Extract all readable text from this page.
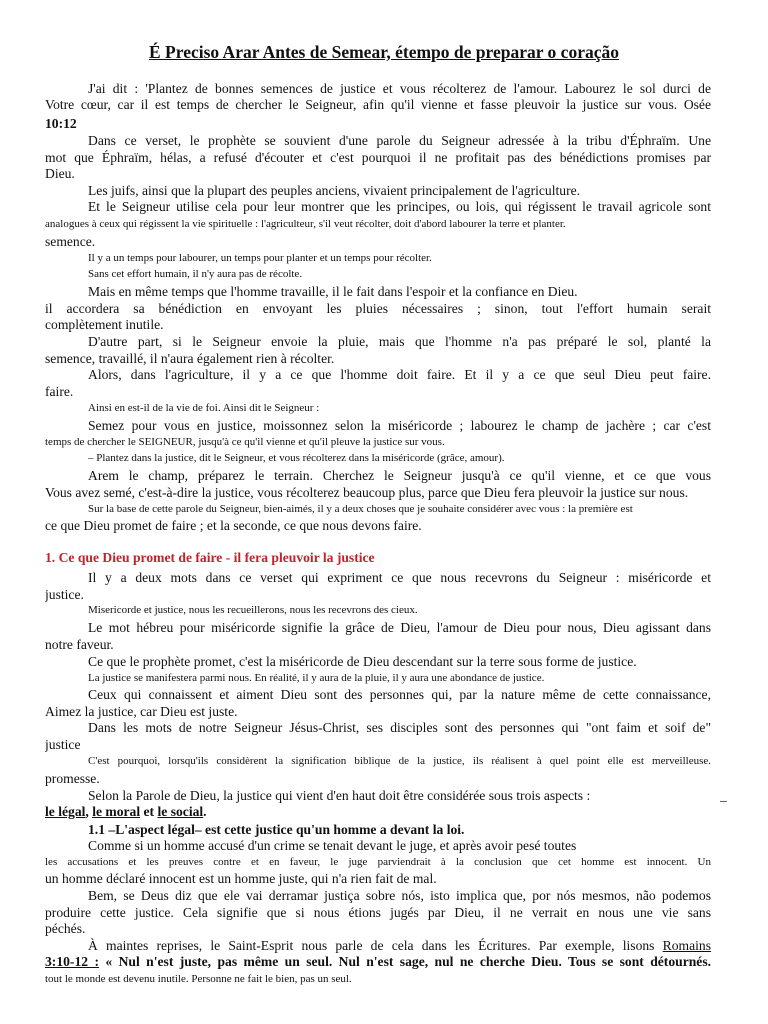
É Preciso Arar Antes de Semear, étempo de preparar o coração
J'ai dit : 'Plantez de bonnes semences de justice et vous récolterez de l'amour. Labourez le sol durci de
Votre cœur, car il est temps de chercher le Seigneur, afin qu'il vienne et fasse pleuvoir la justice sur vous. Osée
10:12
Dans ce verset, le prophète se souvient d'une parole du Seigneur adressée à la tribu d'Éphraïm. Une
mot que Éphraïm, hélas, a refusé d'écouter et c'est pourquoi il ne profitait pas des bénédictions promises par
Dieu.
Les juifs, ainsi que la plupart des peuples anciens, vivaient principalement de l'agriculture.
Et le Seigneur utilise cela pour leur montrer que les principes, ou lois, qui régissent le travail agricole sont
analogues à ceux qui régissent la vie spirituelle : l'agriculteur, s'il veut récolter, doit d'abord labourer la terre et planter.
semence.
Il y a un temps pour labourer, un temps pour planter et un temps pour récolter.
Sans cet effort humain, il n'y aura pas de récolte.
Mais en même temps que l'homme travaille, il le fait dans l'espoir et la confiance en Dieu.
il accordera sa bénédiction en envoyant les pluies nécessaires ; sinon, tout l'effort humain serait
complètement inutile.
D'autre part, si le Seigneur envoie la pluie, mais que l'homme n'a pas préparé le sol, planté la
semence, travaillé, il n'aura également rien à récolter.
Alors, dans l'agriculture, il y a ce que l'homme doit faire. Et il y a ce que seul Dieu peut faire.
faire.
Ainsi en est-il de la vie de foi. Ainsi dit le Seigneur :
Semez pour vous en justice, moissonnez selon la miséricorde ; labourez le champ de jachère ; car c'est
temps de chercher le SEIGNEUR, jusqu'à ce qu'il vienne et qu'il pleuve la justice sur vous.
– Plantez dans la justice, dit le Seigneur, et vous récolterez dans la miséricorde (grâce, amour).
Arem le champ, préparez le terrain. Cherchez le Seigneur jusqu'à ce qu'il vienne, et ce que vous
Vous avez semé, c'est-à-dire la justice, vous récolterez beaucoup plus, parce que Dieu fera pleuvoir la justice sur nous.
Sur la base de cette parole du Seigneur, bien-aimés, il y a deux choses que je souhaite considérer avec vous : la première est
ce que Dieu promet de faire ; et la seconde, ce que nous devons faire.
1. Ce que Dieu promet de faire - il fera pleuvoir la justice
Il y a deux mots dans ce verset qui expriment ce que nous recevrons du Seigneur : miséricorde et
justice.
Misericorde et justice, nous les recueillerons, nous les recevrons des cieux.
Le mot hébreu pour miséricorde signifie la grâce de Dieu, l'amour de Dieu pour nous, Dieu agissant dans
notre faveur.
Ce que le prophète promet, c'est la miséricorde de Dieu descendant sur la terre sous forme de justice.
La justice se manifestera parmi nous. En réalité, il y aura de la pluie, il y aura une abondance de justice.
Ceux qui connaissent et aiment Dieu sont des personnes qui, par la nature même de cette connaissance,
Aimez la justice, car Dieu est juste.
Dans les mots de notre Seigneur Jésus-Christ, ses disciples sont des personnes qui "ont faim et soif de"
justice
C'est pourquoi, lorsqu'ils considèrent la signification biblique de la justice, ils réalisent à quel point elle est merveilleuse.
promesse.
Selon la Parole de Dieu, la justice qui vient d'en haut doit être considérée sous trois aspects :	_
le légal, le moral et le social.
1.1 –L'aspect légal– est cette justice qu'un homme a devant la loi.
Comme si un homme accusé d'un crime se tenait devant le juge, et après avoir pesé toutes
les accusations et les preuves contre et en faveur, le juge parviendrait à la conclusion que cet homme est innocent. Un
un homme déclaré innocent est un homme juste, qui n'a rien fait de mal.
Bem, se Deus diz que ele vai derramar justiça sobre nós, isto implica que, por nós mesmos, não podemos
produire cette justice. Cela signifie que si nous étions jugés par Dieu, il ne verrait en nous une vie sans
péchés.
À maintes reprises, le Saint-Esprit nous parle de cela dans les Écritures. Par exemple, lisons Romains
3:10-12 : « Nul n'est juste, pas même un seul. Nul n'est sage, nul ne cherche Dieu. Tous se sont détournés.
tout le monde est devenu inutile. Personne ne fait le bien, pas un seul.
